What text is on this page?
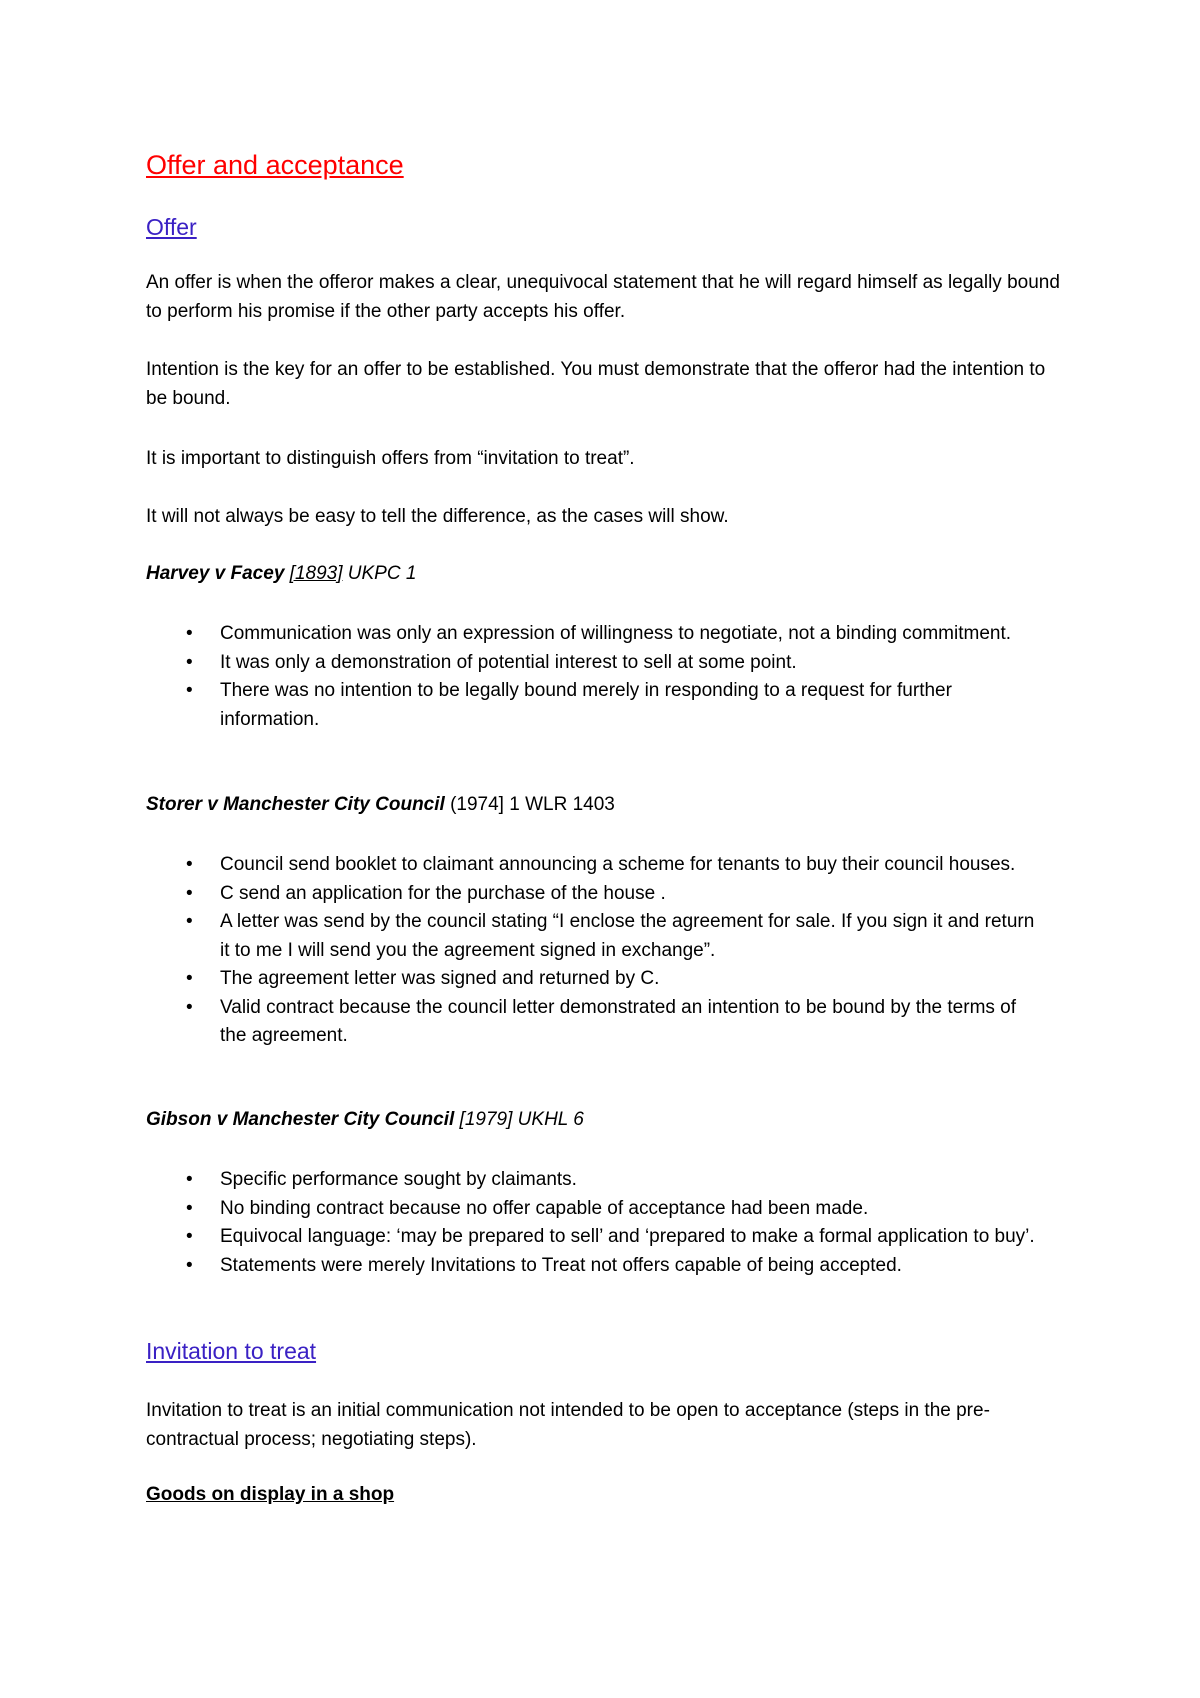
Offer and acceptance
Offer
An offer is when the offeror makes a clear, unequivocal statement that he will regard himself as legally bound to perform his promise if the other party accepts his offer.
Intention is the key for an offer to be established. You must demonstrate that the offeror had the intention to be bound.
It is important to distinguish offers from “invitation to treat”.
It will not always be easy to tell the difference, as the cases will show.
Harvey v Facey [1893] UKPC 1
• Communication was only an expression of willingness to negotiate, not a binding commitment.
• It was only a demonstration of potential interest to sell at some point.
• There was no intention to be legally bound merely in responding to a request for further information.
Storer v Manchester City Council (1974] 1 WLR 1403
• Council send booklet to claimant announcing a scheme for tenants to buy their council houses.
• C send an application for the purchase of the house .
• A letter was send by the council stating “I enclose the agreement for sale. If you sign it and return it to me I will send you the agreement signed in exchange”.
• The agreement letter was signed and returned by C.
• Valid contract because the council letter demonstrated an intention to be bound by the terms of the agreement.
Gibson v Manchester City Council [1979] UKHL 6
• Specific performance sought by claimants.
• No binding contract because no offer capable of acceptance had been made.
• Equivocal language: ‘may be prepared to sell’ and ‘prepared to make a formal application to buy’.
• Statements were merely Invitations to Treat not offers capable of being accepted.
Invitation to treat
Invitation to treat is an initial communication not intended to be open to acceptance (steps in the pre-contractual process; negotiating steps).
Goods on display in a shop
